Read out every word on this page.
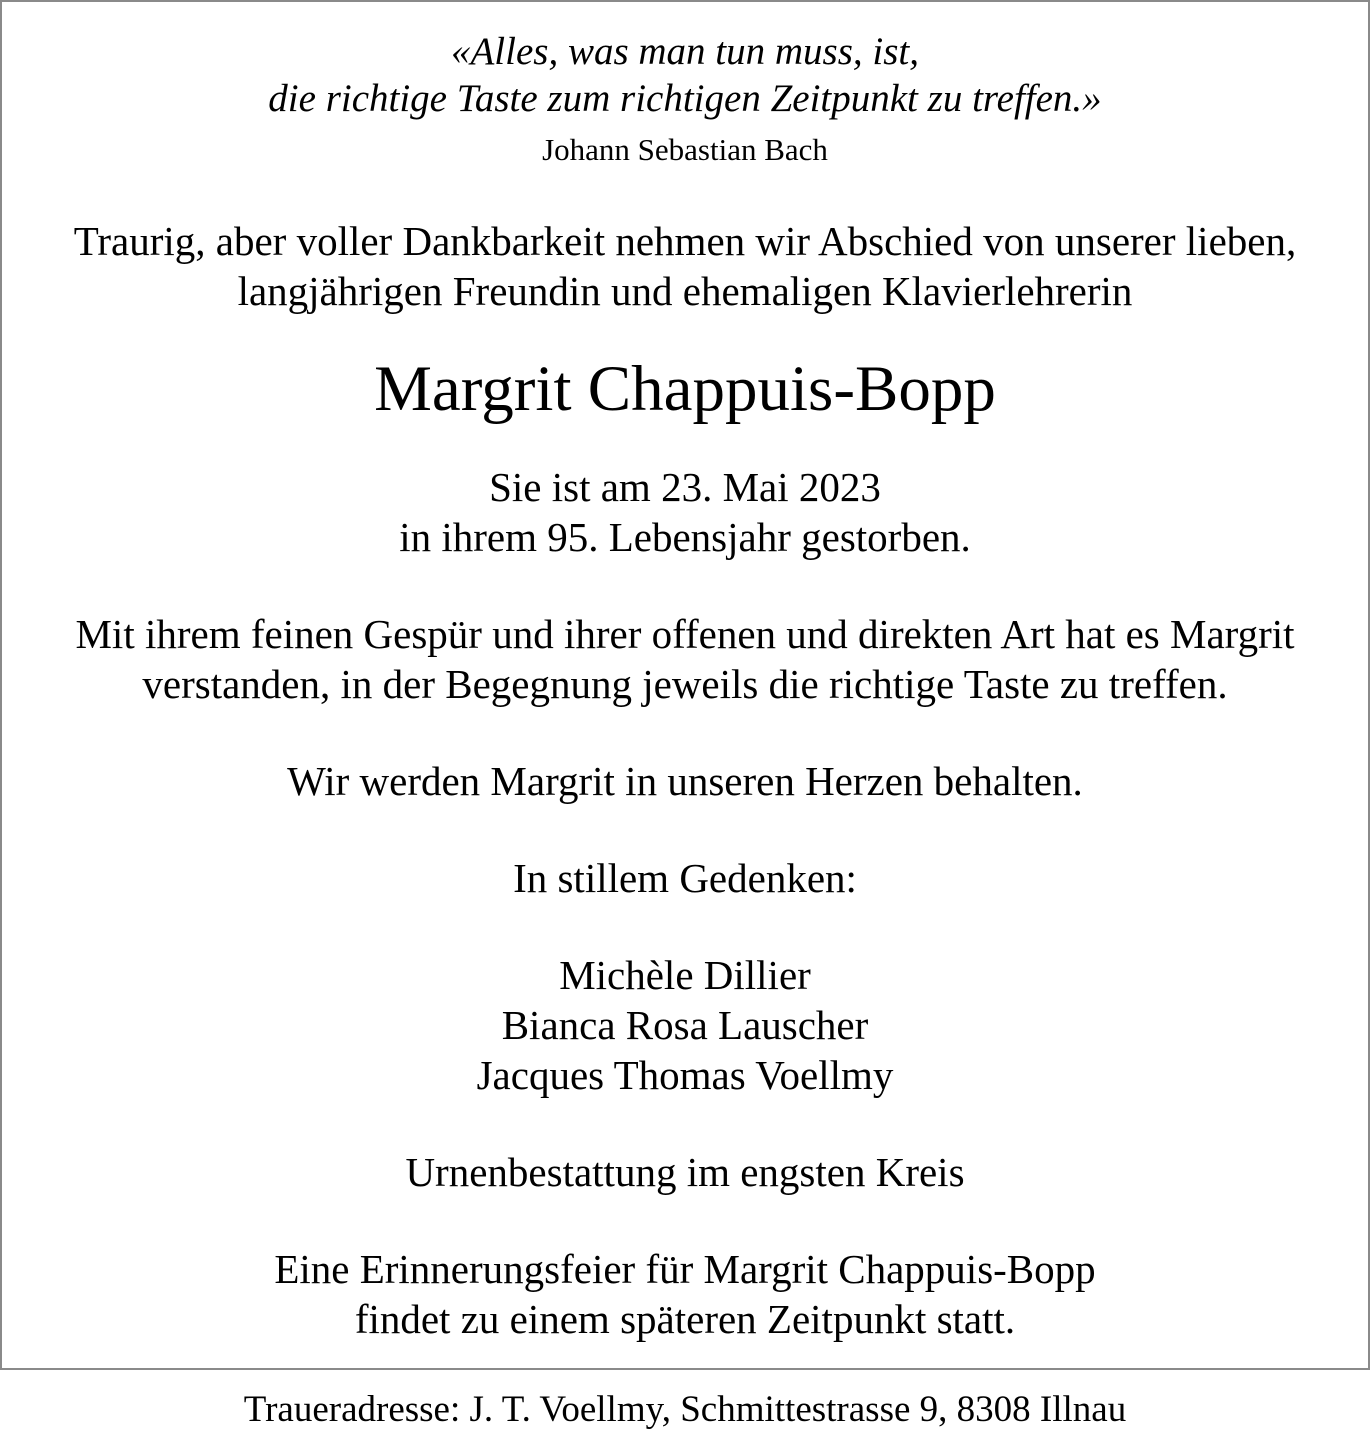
«Alles, was man tun muss, ist,
die richtige Taste zum richtigen Zeitpunkt zu treffen.»
Johann Sebastian Bach
Traurig, aber voller Dankbarkeit nehmen wir Abschied von unserer lieben,
langjährigen Freundin und ehemaligen Klavierlehrerin
Margrit Chappuis-Bopp
Sie ist am 23. Mai 2023
in ihrem 95. Lebensjahr gestorben.
Mit ihrem feinen Gespür und ihrer offenen und direkten Art hat es Margrit
verstanden, in der Begegnung jeweils die richtige Taste zu treffen.
Wir werden Margrit in unseren Herzen behalten.
In stillem Gedenken:
Michèle Dillier
Bianca Rosa Lauscher
Jacques Thomas Voellmy
Urnenbestattung im engsten Kreis
Eine Erinnerungsfeier für Margrit Chappuis-Bopp
findet zu einem späteren Zeitpunkt statt.
Traueradresse: J. T. Voellmy, Schmittestrasse 9, 8308 Illnau
